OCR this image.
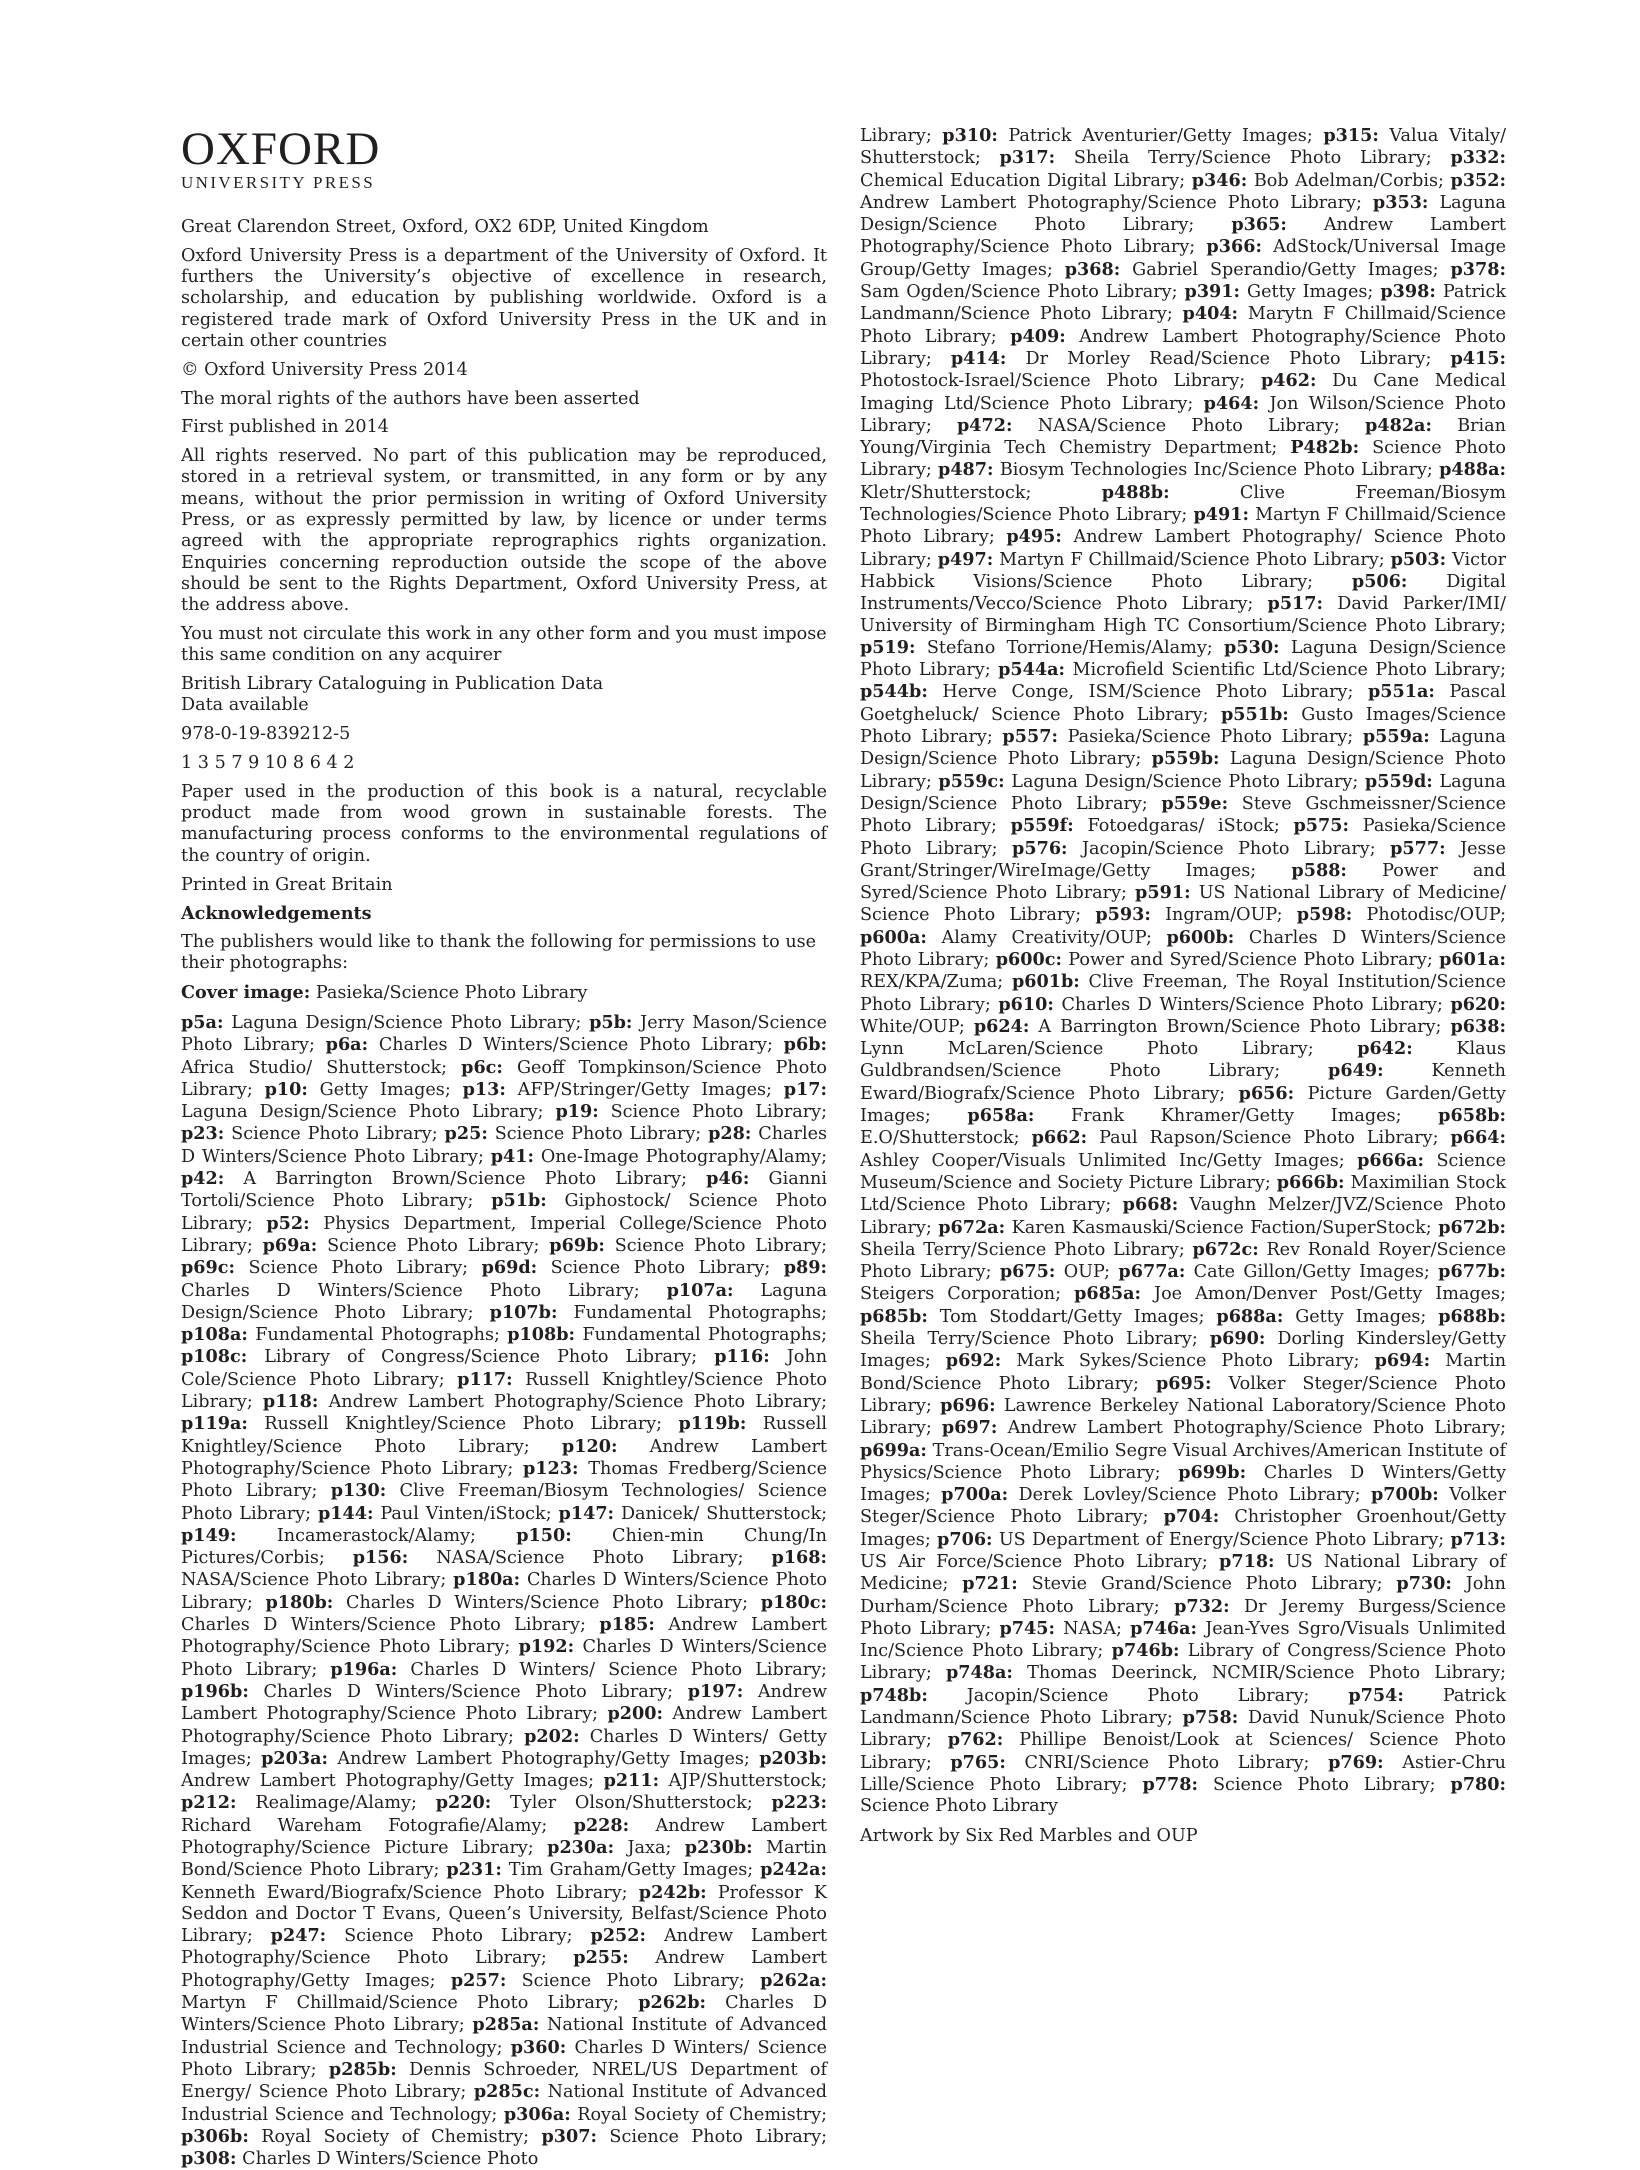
OXFORD
UNIVERSITY PRESS

Great Clarendon Street, Oxford, OX2 6DP, United Kingdom

Oxford University Press is a department of the University of Oxford. It furthers the University’s objective of excellence in research, scholarship, and education by publishing worldwide. Oxford is a registered trade mark of Oxford University Press in the UK and in certain other countries

© Oxford University Press 2014

The moral rights of the authors have been asserted

First published in 2014

All rights reserved. No part of this publication may be reproduced, stored in a retrieval system, or transmitted, in any form or by any means, without the prior permission in writing of Oxford University Press, or as expressly permitted by law, by licence or under terms agreed with the appropriate reprographics rights organization. Enquiries concerning reproduction outside the scope of the above should be sent to the Rights Department, Oxford University Press, at the address above.

You must not circulate this work in any other form and you must impose this same condition on any acquirer

British Library Cataloguing in Publication Data
Data available

978-0-19-839212-5

1 3 5 7 9 10 8 6 4 2

Paper used in the production of this book is a natural, recyclable product made from wood grown in sustainable forests. The manufacturing process conforms to the environmental regulations of the country of origin.

Printed in Great Britain

Acknowledgements

The publishers would like to thank the following for permissions to use their photographs:

Cover image: Pasieka/Science Photo Library

p5a: Laguna Design/Science Photo Library; p5b: Jerry Mason/Science Photo Library; p6a: Charles D Winters/Science Photo Library; p6b: Africa Studio/ Shutterstock; p6c: Geoff Tompkinson/Science Photo Library; p10: Getty Images; p13: AFP/Stringer/Getty Images; p17: Laguna Design/Science Photo Library; p19: Science Photo Library; p23: Science Photo Library; p25: Science Photo Library; p28: Charles D Winters/Science Photo Library; p41: One-Image Photography/Alamy; p42: A Barrington Brown/Science Photo Library; p46: Gianni Tortoli/Science Photo Library; p51b: Giphostock/ Science Photo Library; p52: Physics Department, Imperial College/Science Photo Library; p69a: Science Photo Library; p69b: Science Photo Library; p69c: Science Photo Library; p69d: Science Photo Library; p89: Charles D Winters/Science Photo Library; p107a: Laguna Design/Science Photo Library; p107b: Fundamental Photographs; p108a: Fundamental Photographs; p108b: Fundamental Photographs; p108c: Library of Congress/Science Photo Library; p116: John Cole/Science Photo Library; p117: Russell Knightley/Science Photo Library; p118: Andrew Lambert Photography/Science Photo Library; p119a: Russell Knightley/Science Photo Library; p119b: Russell Knightley/Science Photo Library; p120: Andrew Lambert Photography/Science Photo Library; p123: Thomas Fredberg/Science Photo Library; p130: Clive Freeman/Biosym Technologies/ Science Photo Library; p144: Paul Vinten/iStock; p147: Danicek/ Shutterstock; p149: Incamerastock/Alamy; p150: Chien-min Chung/In Pictures/Corbis; p156: NASA/Science Photo Library; p168: NASA/Science Photo Library; p180a: Charles D Winters/Science Photo Library; p180b: Charles D Winters/Science Photo Library; p180c: Charles D Winters/Science Photo Library; p185: Andrew Lambert Photography/Science Photo Library; p192: Charles D Winters/Science Photo Library; p196a: Charles D Winters/ Science Photo Library; p196b: Charles D Winters/Science Photo Library; p197: Andrew Lambert Photography/Science Photo Library; p200: Andrew Lambert Photography/Science Photo Library; p202: Charles D Winters/ Getty Images; p203a: Andrew Lambert Photography/Getty Images; p203b: Andrew Lambert Photography/Getty Images; p211: AJP/Shutterstock; p212: Realimage/Alamy; p220: Tyler Olson/Shutterstock; p223: Richard Wareham Fotografie/Alamy; p228: Andrew Lambert Photography/Science Picture Library; p230a: Jaxa; p230b: Martin Bond/Science Photo Library; p231: Tim Graham/Getty Images; p242a: Kenneth Eward/Biografx/Science Photo Library; p242b: Professor K Seddon and Doctor T Evans, Queen’s University, Belfast/Science Photo Library; p247: Science Photo Library; p252: Andrew Lambert Photography/Science Photo Library; p255: Andrew Lambert Photography/Getty Images; p257: Science Photo Library; p262a: Martyn F Chillmaid/Science Photo Library; p262b: Charles D Winters/Science Photo Library; p285a: National Institute of Advanced Industrial Science and Technology; p360: Charles D Winters/ Science Photo Library; p285b: Dennis Schroeder, NREL/US Department of Energy/ Science Photo Library; p285c: National Institute of Advanced Industrial Science and Technology; p306a: Royal Society of Chemistry; p306b: Royal Society of Chemistry; p307: Science Photo Library; p308: Charles D Winters/Science Photo

Library; p310: Patrick Aventurier/Getty Images; p315: Valua Vitaly/ Shutterstock; p317: Sheila Terry/Science Photo Library; p332: Chemical Education Digital Library; p346: Bob Adelman/Corbis; p352: Andrew Lambert Photography/Science Photo Library; p353: Laguna Design/Science Photo Library; p365: Andrew Lambert Photography/Science Photo Library; p366: AdStock/Universal Image Group/Getty Images; p368: Gabriel Sperandio/Getty Images; p378: Sam Ogden/Science Photo Library; p391: Getty Images; p398: Patrick Landmann/Science Photo Library; p404: Marytn F Chillmaid/Science Photo Library; p409: Andrew Lambert Photography/Science Photo Library; p414: Dr Morley Read/Science Photo Library; p415: Photostock-Israel/Science Photo Library; p462: Du Cane Medical Imaging Ltd/Science Photo Library; p464: Jon Wilson/Science Photo Library; p472: NASA/Science Photo Library; p482a: Brian Young/Virginia Tech Chemistry Department; P482b: Science Photo Library; p487: Biosym Technologies Inc/Science Photo Library; p488a: Kletr/Shutterstock;	p488b:	Clive Freeman/Biosym Technologies/Science Photo Library; p491: Martyn F Chillmaid/Science Photo Library; p495: Andrew Lambert Photography/ Science Photo Library; p497: Martyn F Chillmaid/Science Photo Library; p503: Victor Habbick Visions/Science Photo Library; p506: Digital Instruments/Vecco/Science Photo Library; p517: David Parker/IMI/ University of Birmingham High TC Consortium/Science Photo Library; p519: Stefano Torrione/Hemis/Alamy; p530: Laguna Design/Science Photo Library; p544a: Microfield Scientific Ltd/Science Photo Library; p544b: Herve Conge, ISM/Science Photo Library; p551a: Pascal Goetgheluck/ Science Photo Library; p551b: Gusto Images/Science Photo Library; p557: Pasieka/Science Photo Library; p559a: Laguna Design/Science Photo Library; p559b: Laguna Design/Science Photo Library; p559c: Laguna Design/Science Photo Library; p559d: Laguna Design/Science Photo Library; p559e: Steve Gschmeissner/Science Photo Library; p559f: Fotoedgaras/ iStock; p575: Pasieka/Science Photo Library; p576: Jacopin/Science Photo Library; p577: Jesse Grant/Stringer/WireImage/Getty Images; p588: Power and Syred/Science Photo Library; p591: US National Library of Medicine/ Science Photo Library; p593: Ingram/OUP; p598: Photodisc/OUP; p600a: Alamy Creativity/OUP; p600b: Charles D Winters/Science Photo Library; p600c: Power and Syred/Science Photo Library; p601a: REX/KPA/Zuma; p601b: Clive Freeman, The Royal Institution/Science Photo Library; p610: Charles D Winters/Science Photo Library; p620: White/OUP; p624: A Barrington Brown/Science Photo Library; p638: Lynn McLaren/Science Photo Library; p642: Klaus Guldbrandsen/Science Photo Library;	p649:	Kenneth Eward/Biografx/Science Photo Library; p656: Picture Garden/Getty Images; p658a: Frank Khramer/Getty Images; p658b: E.O/Shutterstock; p662: Paul Rapson/Science Photo Library; p664: Ashley Cooper/Visuals Unlimited Inc/Getty Images; p666a: Science Museum/Science and Society Picture Library; p666b: Maximilian Stock Ltd/Science Photo Library; p668: Vaughn Melzer/JVZ/Science Photo Library; p672a: Karen Kasmauski/Science Faction/SuperStock; p672b: Sheila Terry/Science Photo Library; p672c: Rev Ronald Royer/Science Photo Library; p675: OUP; p677a: Cate Gillon/Getty Images; p677b: Steigers Corporation; p685a: Joe Amon/Denver Post/Getty Images; p685b: Tom Stoddart/Getty Images; p688a: Getty Images; p688b: Sheila Terry/Science Photo Library; p690: Dorling Kindersley/Getty Images; p692: Mark Sykes/Science Photo Library; p694: Martin Bond/Science Photo Library; p695: Volker Steger/Science Photo Library; p696: Lawrence Berkeley National Laboratory/Science Photo Library; p697: Andrew Lambert Photography/Science Photo Library; p699a: Trans-Ocean/Emilio Segre Visual Archives/American Institute of Physics/Science Photo Library; p699b: Charles D Winters/Getty Images; p700a: Derek Lovley/Science Photo Library; p700b: Volker Steger/Science Photo Library; p704: Christopher Groenhout/Getty Images; p706: US Department of Energy/Science Photo Library; p713: US Air Force/Science Photo Library; p718: US National Library of Medicine; p721: Stevie Grand/Science Photo Library; p730: John Durham/Science Photo Library; p732: Dr Jeremy Burgess/Science Photo Library; p745: NASA; p746a: Jean-Yves Sgro/Visuals Unlimited Inc/Science Photo Library; p746b: Library of Congress/Science Photo Library; p748a: Thomas Deerinck, NCMIR/Science Photo Library; p748b: Jacopin/Science Photo Library; p754: Patrick Landmann/Science Photo Library; p758: David Nunuk/Science Photo Library; p762: Phillipe Benoist/Look at Sciences/ Science Photo Library; p765: CNRI/Science Photo Library; p769: Astier-Chru Lille/Science Photo Library; p778: Science Photo Library; p780: Science Photo Library

Artwork by Six Red Marbles and OUP
